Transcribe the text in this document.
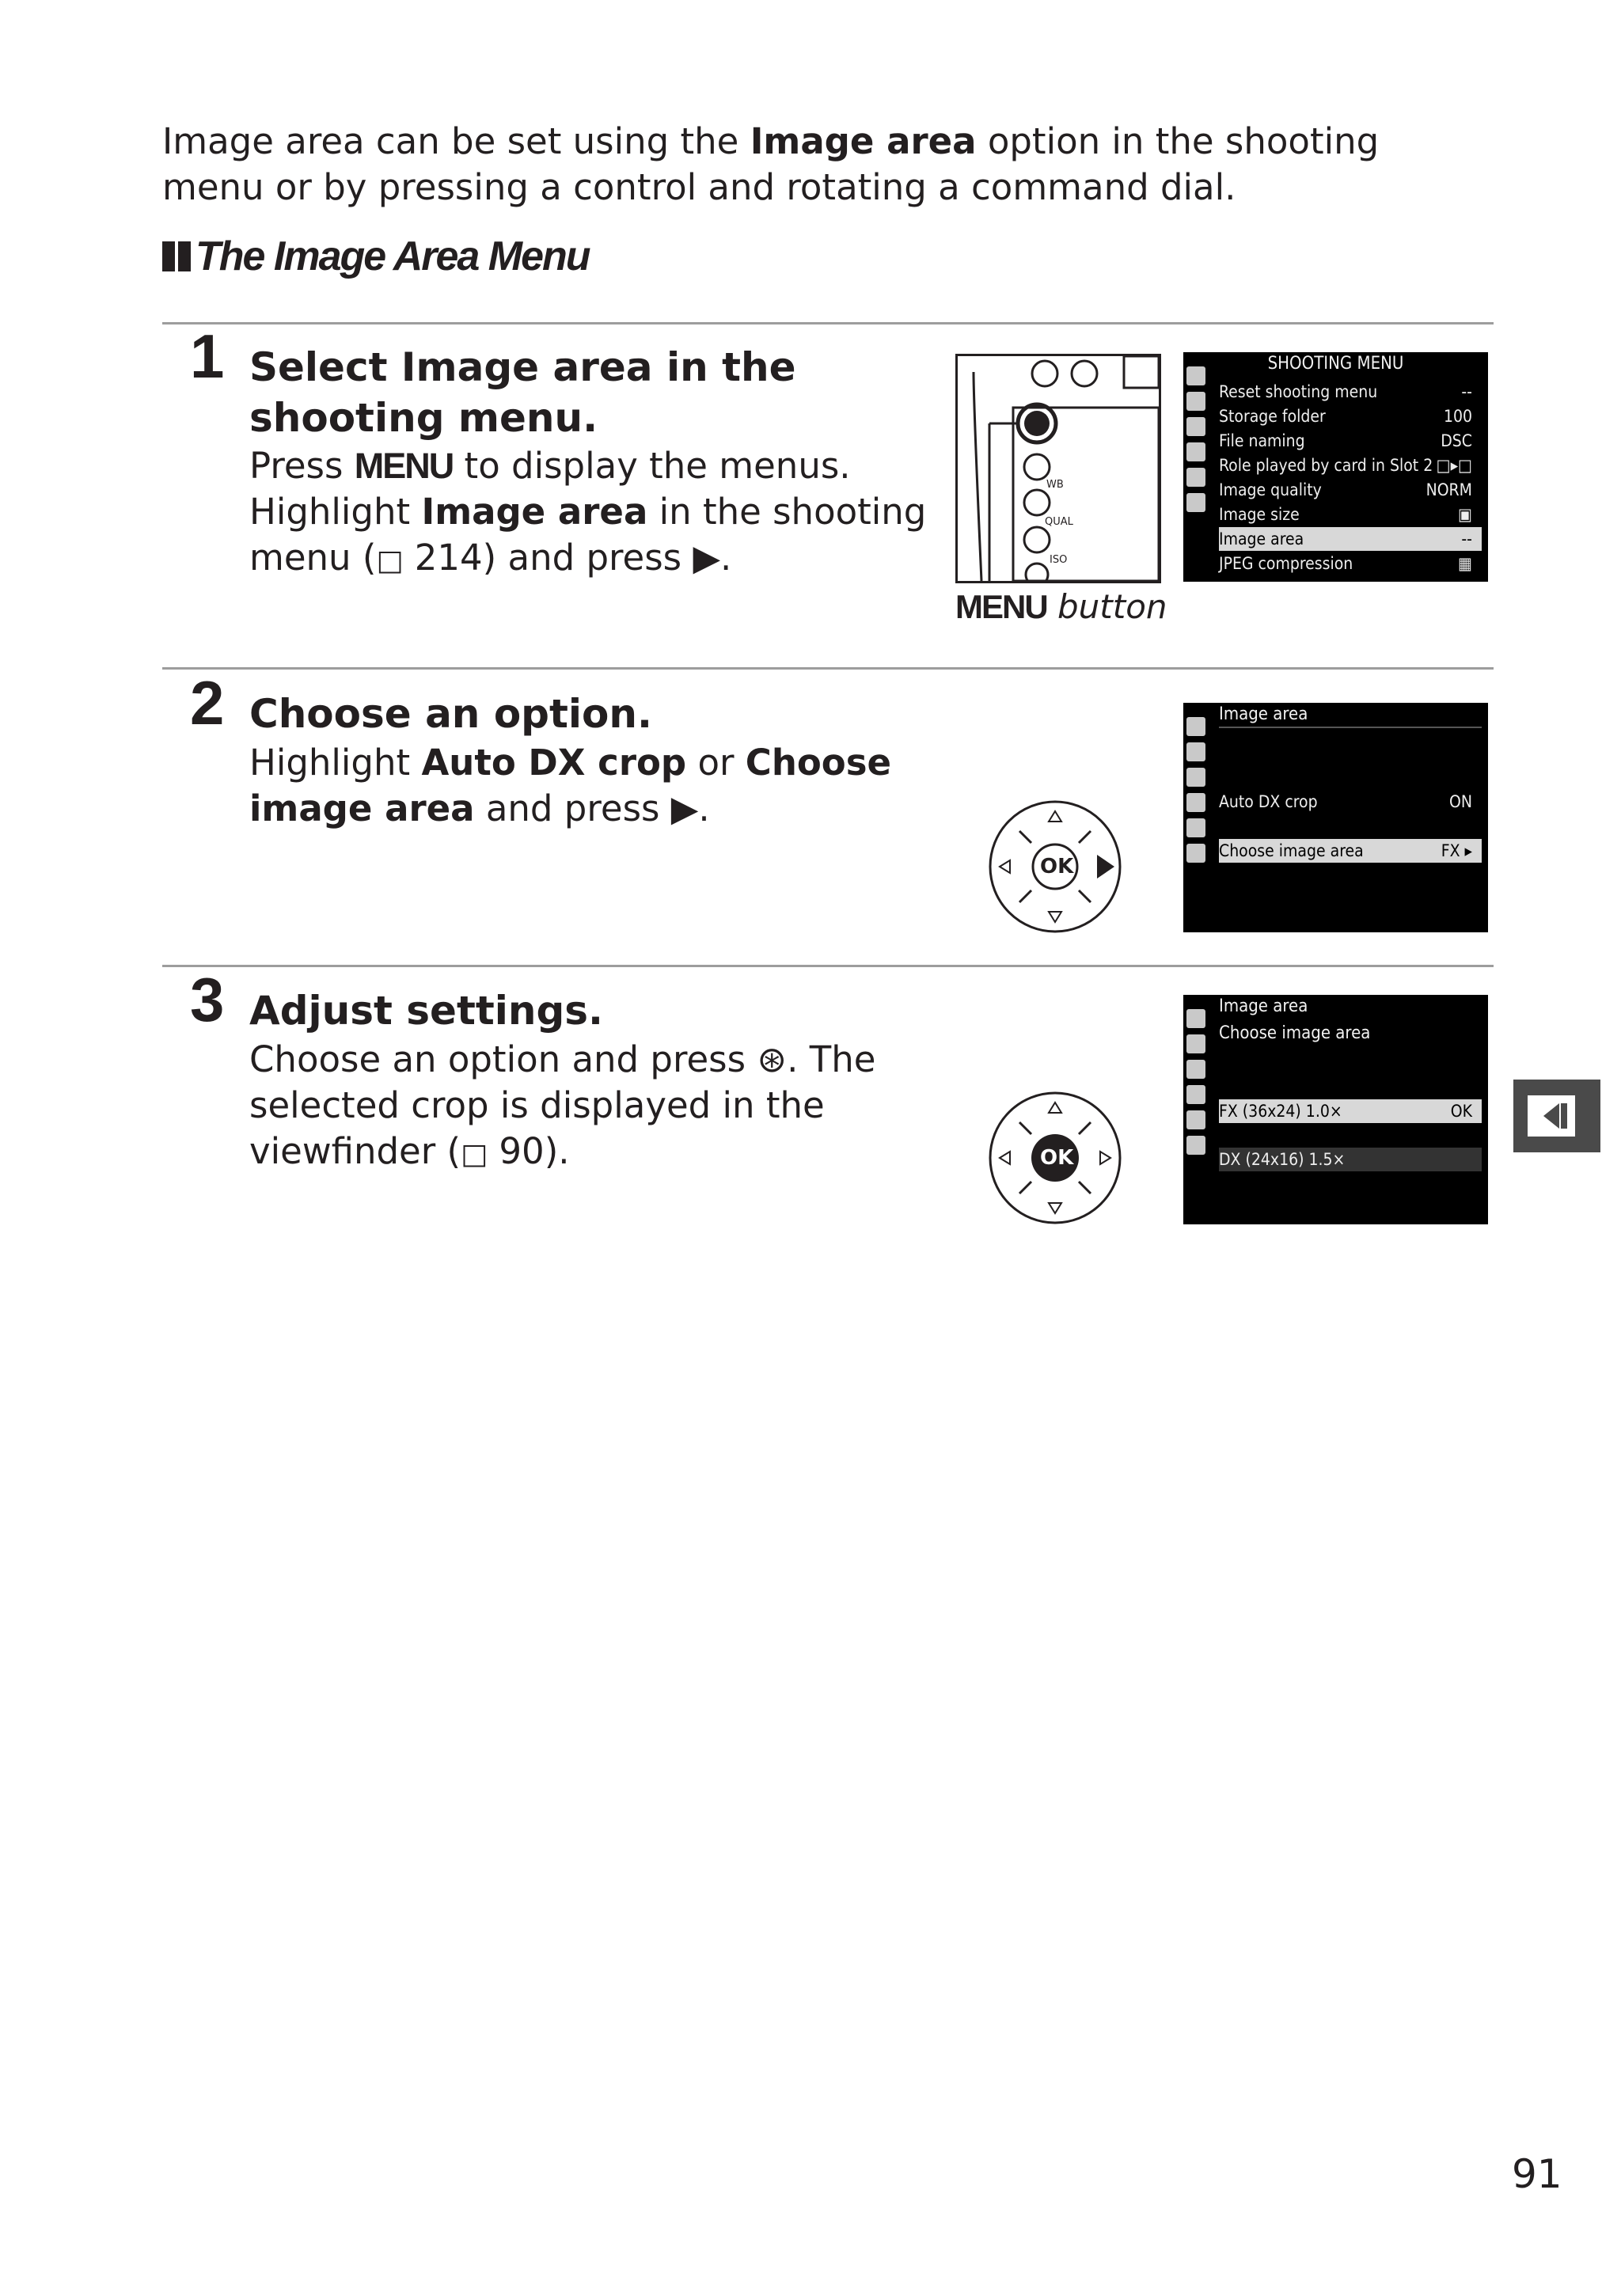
Image area can be set using the Image area option in the shooting menu or by pressing a control and rotating a command dial.
The Image Area Menu
1 Select Image area in the shooting menu.
Press MENU to display the menus. Highlight Image area in the shooting menu (□ 214) and press ▶.
WB
QUAL
ISO
MENU button
SHOOTING MENU
Reset shooting menu	--
Storage folder	100
File naming	DSC
Role played by card in Slot 2 □▸□
Image quality	NORM
Image size	▣
Image area	--
JPEG compression	▦
2 Choose an option.
Highlight Auto DX crop or Choose image area and press ▶.
OK
Image area
Auto DX crop	ON
Choose image area	FX ▸
3 Adjust settings.
Choose an option and press ⊛. The selected crop is displayed in the viewfinder (□ 90).	OK
Image area
Choose image area
FX (36x24) 1.0×	OK
DX (24x16) 1.5×
91
